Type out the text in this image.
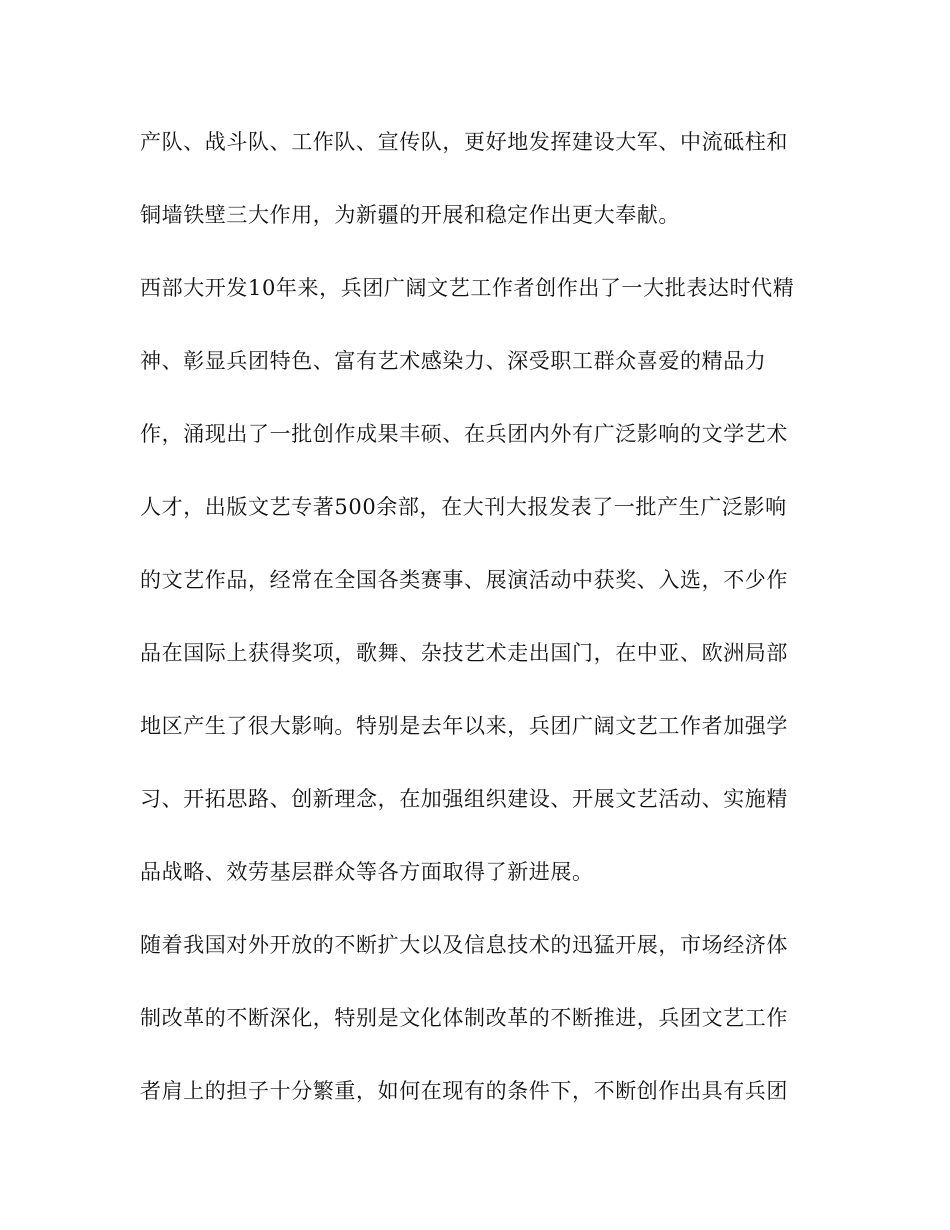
产队、战斗队、工作队、宣传队，更好地发挥建设大军、中流砥柱和
铜墙铁壁三大作用，为新疆的开展和稳定作出更大奉献。
西部大开发10年来，兵团广阔文艺工作者创作出了一大批表达时代精
神、彰显兵团特色、富有艺术感染力、深受职工群众喜爱的精品力
作，涌现出了一批创作成果丰硕、在兵团内外有广泛影响的文学艺术
人才，出版文艺专著500余部，在大刊大报发表了一批产生广泛影响
的文艺作品，经常在全国各类赛事、展演活动中获奖、入选，不少作
品在国际上获得奖项，歌舞、杂技艺术走出国门，在中亚、欧洲局部
地区产生了很大影响。特别是去年以来，兵团广阔文艺工作者加强学
习、开拓思路、创新理念，在加强组织建设、开展文艺活动、实施精
品战略、效劳基层群众等各方面取得了新进展。
随着我国对外开放的不断扩大以及信息技术的迅猛开展，市场经济体
制改革的不断深化，特别是文化体制改革的不断推进，兵团文艺工作
者肩上的担子十分繁重，如何在现有的条件下，不断创作出具有兵团
